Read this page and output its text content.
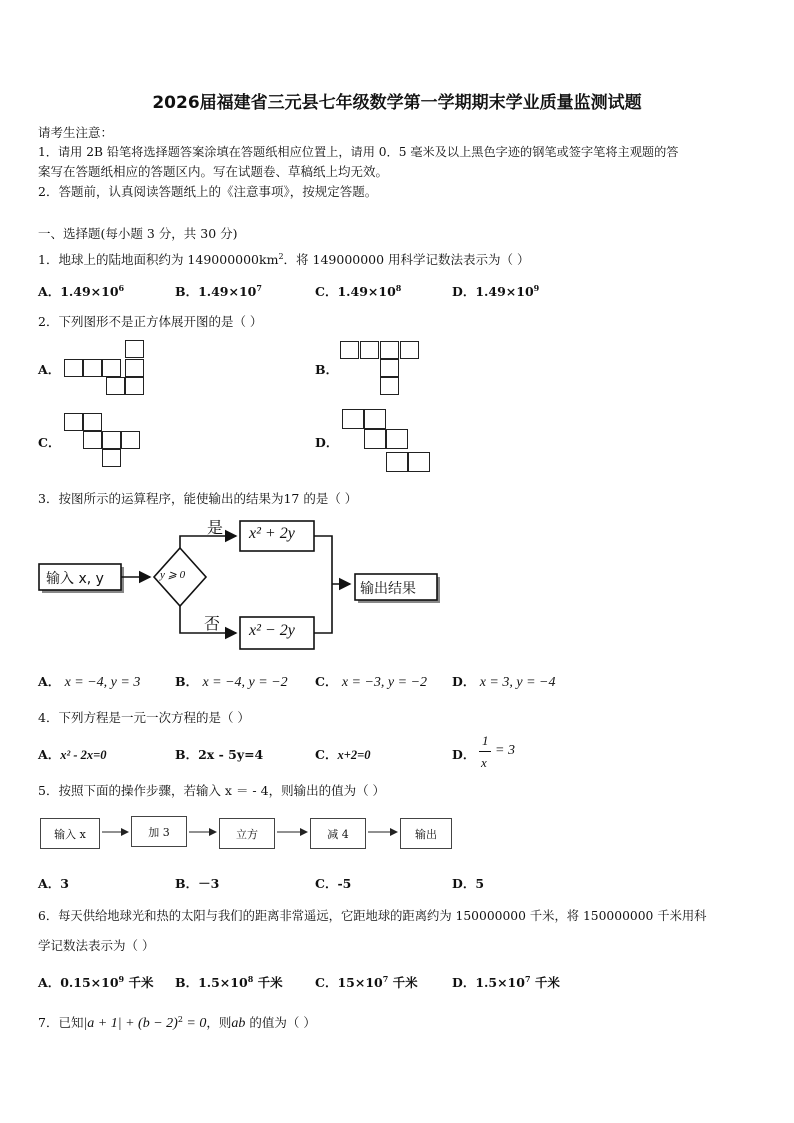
2026届福建省三元县七年级数学第一学期期末学业质量监测试题
请考生注意：
1．请用 2B 铅笔将选择题答案涂填在答题纸相应位置上，请用 0．5 毫米及以上黑色字迹的钢笔或签字笔将主观题的答
案写在答题纸相应的答题区内。写在试题卷、草稿纸上均无效。
2．答题前，认真阅读答题纸上的《注意事项》，按规定答题。
一、选择题(每小题 3 分，共 30 分)
1．地球上的陆地面积约为 $149000000km^2$．将 149000000 用科学记数法表示为（ ）
A．$1.49\times 10^6$	B．$1.49\times 10^7$	C．$1.49\times 10^8$	D．$1.49\times 10^9$
2．下列图形不是正方体展开图的是（ ）
A．	B．
C．	D．
3．按图所示的运算程序，能使输出的结果为17 的是（ ）
输入 x, y	y ⩾ 0
是
否
x² + 2y
x² − 2y
输出结果
A． x = −4, y = 3	B． x = −4, y = −2 C． x = −3, y = −2 D． x = 3, y = −4
4．下列方程是一元一次方程的是（ ）
A．x² - 2x=0	B．2x - 5y=4	C．x+2=0	D．
1
x
= 3
5．按照下面的操作步骤，若输入 x ＝ - 4，则输出的值为（ ）
输入 x	加 3	立方	减 4	输出
A．3	B．－3	C．-5	D．5
6．每天供给地球光和热的太阳与我们的距离非常遥远，它距地球的距离约为 150000000 千米，将 150000000 千米用科
学记数法表示为（ ）
A．$0.15\times 10^9$ 千米 B．$1.5\times 10^8$ 千米	C．$15\times 10^7$ 千米	D．$1.5\times 10^7$ 千米
7．已知$|a + 1| + (b - 2)^2 = 0$，则ab 的值为（ ）
